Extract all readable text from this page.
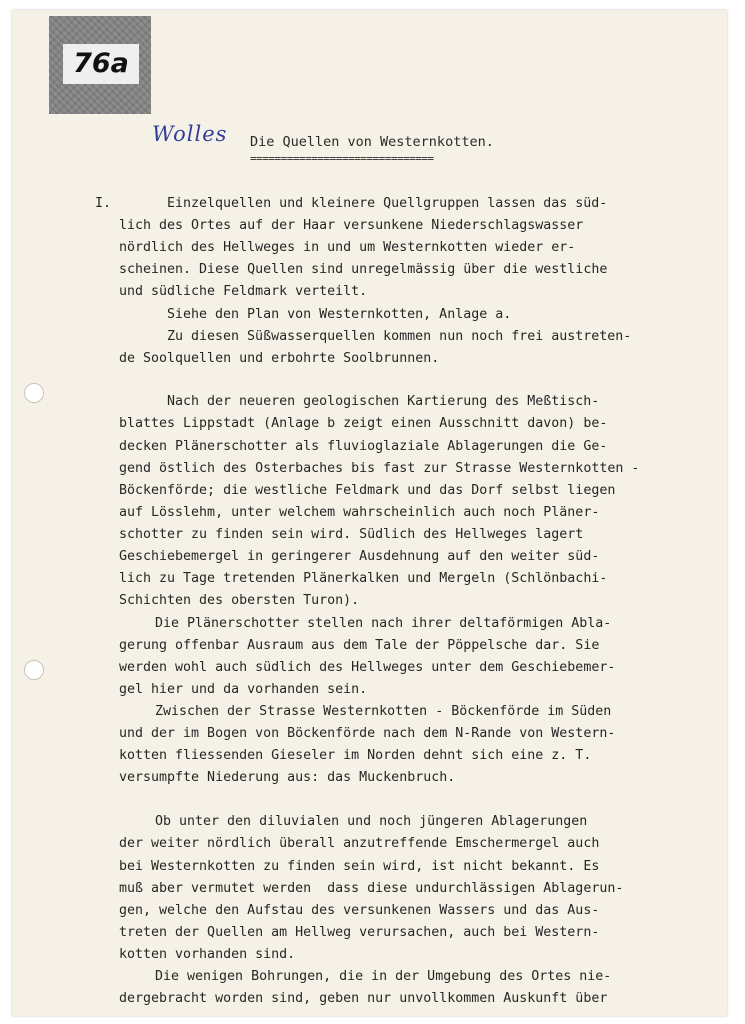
76a
Wolles Die Quellen von Westernkotten.
==============================
I.	Einzelquellen und kleinere Quellgruppen lassen das süd-
lich des Ortes auf der Haar versunkene Niederschlagswasser
nördlich des Hellweges in und um Westernkotten wieder er-
scheinen. Diese Quellen sind unregelmässig über die westliche
und südliche Feldmark verteilt.
Siehe den Plan von Westernkotten, Anlage a.
Zu diesen Süßwasserquellen kommen nun noch frei austreten-
de Soolquellen und erbohrte Soolbrunnen.
Nach der neueren geologischen Kartierung des Meßtisch-
blattes Lippstadt (Anlage b zeigt einen Ausschnitt davon) be-
decken Plänerschotter als fluvioglaziale Ablagerungen die Ge-
gend östlich des Osterbaches bis fast zur Strasse Westernkotten -
Böckenförde; die westliche Feldmark und das Dorf selbst liegen
auf Lösslehm, unter welchem wahrscheinlich auch noch Pläner-
schotter zu finden sein wird. Südlich des Hellweges lagert
Geschiebemergel in geringerer Ausdehnung auf den weiter süd-
lich zu Tage tretenden Plänerkalken und Mergeln (Schlönbachi-
Schichten des obersten Turon).
Die Plänerschotter stellen nach ihrer deltaförmigen Abla-
gerung offenbar Ausraum aus dem Tale der Pöppelsche dar. Sie
werden wohl auch südlich des Hellweges unter dem Geschiebemer-
gel hier und da vorhanden sein.
Zwischen der Strasse Westernkotten - Böckenförde im Süden
und der im Bogen von Böckenförde nach dem N-Rande von Western-
kotten fliessenden Gieseler im Norden dehnt sich eine z. T.
versumpfte Niederung aus: das Muckenbruch.
Ob unter den diluvialen und noch jüngeren Ablagerungen
der weiter nördlich überall anzutreffende Emschermergel auch
bei Westernkotten zu finden sein wird, ist nicht bekannt. Es
muß aber vermutet werden  dass diese undurchlässigen Ablagerun-
gen, welche den Aufstau des versunkenen Wassers und das Aus-
treten der Quellen am Hellweg verursachen, auch bei Western-
kotten vorhanden sind.
Die wenigen Bohrungen, die in der Umgebung des Ortes nie-
dergebracht worden sind, geben nur unvollkommen Auskunft über
